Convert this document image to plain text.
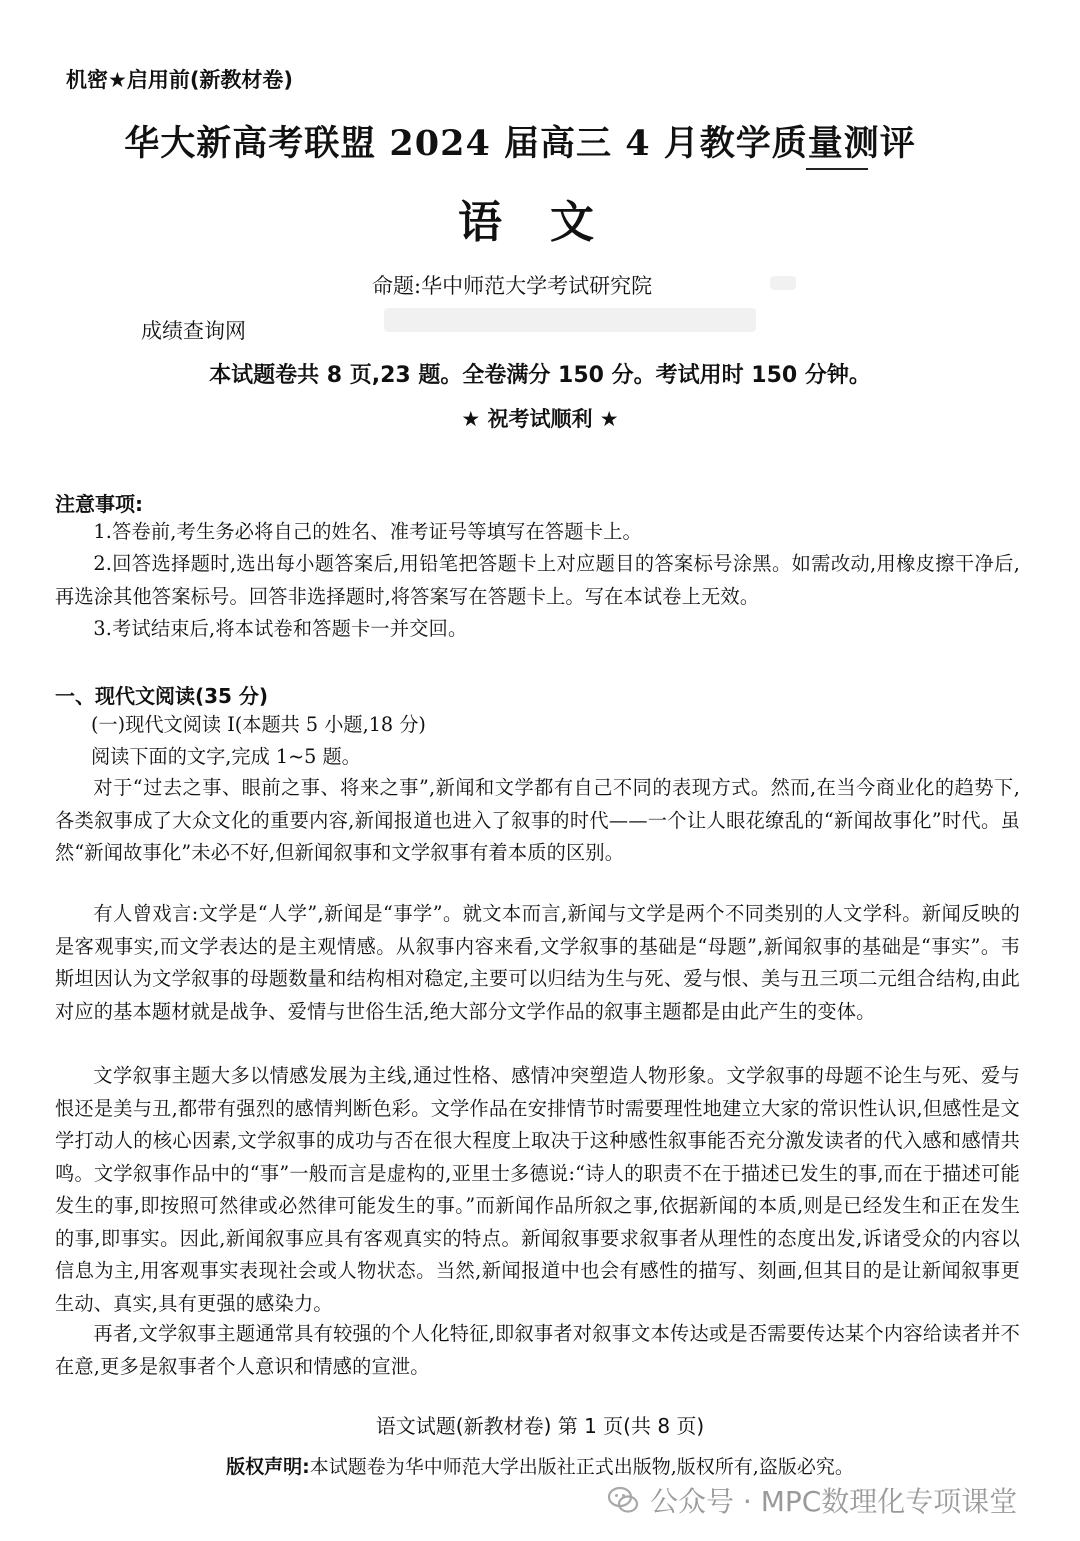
机密★启用前(新教材卷)
华大新高考联盟 2024 届高三 4 月教学质量测评
语文
命题:华中师范大学考试研究院
成绩查询网
本试题卷共 8 页,23 题。全卷满分 150 分。考试用时 150 分钟。
★ 祝考试顺利 ★
注意事项:
1.答卷前,考生务必将自己的姓名、准考证号等填写在答题卡上。
2.回答选择题时,选出每小题答案后,用铅笔把答题卡上对应题目的答案标号涂黑。如需改动,用橡皮擦干净后,再选涂其他答案标号。回答非选择题时,将答案写在答题卡上。写在本试卷上无效。
3.考试结束后,将本试卷和答题卡一并交回。
一、现代文阅读(35 分)
(一)现代文阅读 I(本题共 5 小题,18 分)
阅读下面的文字,完成 1~5 题。
对于“过去之事、眼前之事、将来之事”,新闻和文学都有自己不同的表现方式。然而,在当今商业化的趋势下,各类叙事成了大众文化的重要内容,新闻报道也进入了叙事的时代——一个让人眼花缭乱的“新闻故事化”时代。虽然“新闻故事化”未必不好,但新闻叙事和文学叙事有着本质的区别。
有人曾戏言:文学是“人学”,新闻是“事学”。就文本而言,新闻与文学是两个不同类别的人文学科。新闻反映的是客观事实,而文学表达的是主观情感。从叙事内容来看,文学叙事的基础是“母题”,新闻叙事的基础是“事实”。韦斯坦因认为文学叙事的母题数量和结构相对稳定,主要可以归结为生与死、爱与恨、美与丑三项二元组合结构,由此对应的基本题材就是战争、爱情与世俗生活,绝大部分文学作品的叙事主题都是由此产生的变体。
文学叙事主题大多以情感发展为主线,通过性格、感情冲突塑造人物形象。文学叙事的母题不论生与死、爱与恨还是美与丑,都带有强烈的感情判断色彩。文学作品在安排情节时需要理性地建立大家的常识性认识,但感性是文学打动人的核心因素,文学叙事的成功与否在很大程度上取决于这种感性叙事能否充分激发读者的代入感和感情共鸣。文学叙事作品中的“事”一般而言是虚构的,亚里士多德说:“诗人的职责不在于描述已发生的事,而在于描述可能发生的事,即按照可然律或必然律可能发生的事。”而新闻作品所叙之事,依据新闻的本质,则是已经发生和正在发生的事,即事实。因此,新闻叙事应具有客观真实的特点。新闻叙事要求叙事者从理性的态度出发,诉诸受众的内容以信息为主,用客观事实表现社会或人物状态。当然,新闻报道中也会有感性的描写、刻画,但其目的是让新闻叙事更生动、真实,具有更强的感染力。
再者,文学叙事主题通常具有较强的个人化特征,即叙事者对叙事文本传达或是否需要传达某个内容给读者并不在意,更多是叙事者个人意识和情感的宣泄。
语文试题(新教材卷) 第 1 页(共 8 页)
版权声明:本试题卷为华中师范大学出版社正式出版物,版权所有,盗版必究。
公众号 · MPC数理化专项课堂
